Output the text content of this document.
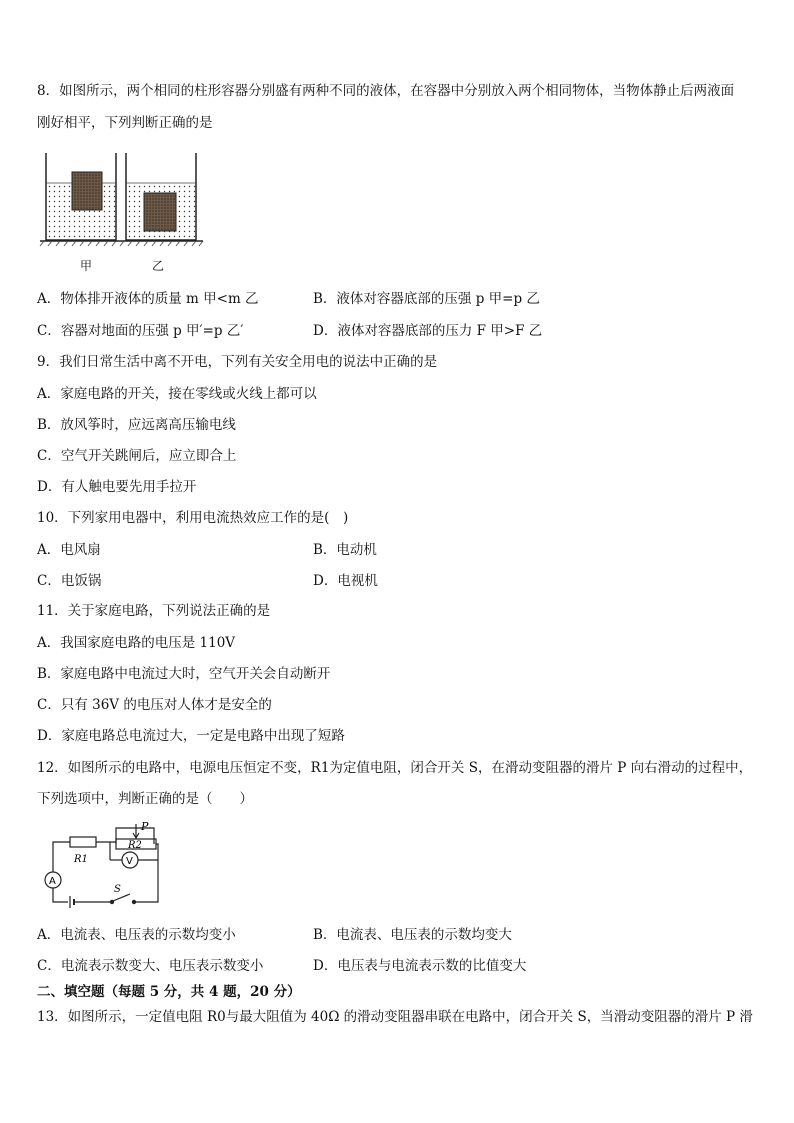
8．如图所示，两个相同的柱形容器分别盛有两种不同的液体，在容器中分别放入两个相同物体，当物体静止后两液面
刚好相平，下列判断正确的是
甲	乙
A．物体排开液体的质量 m 甲<m 乙	B．液体对容器底部的压强 p 甲=p 乙
C．容器对地面的压强 p 甲′=p 乙′	D．液体对容器底部的压力 F 甲>F 乙
9．我们日常生活中离不开电，下列有关安全用电的说法中正确的是
A．家庭电路的开关，接在零线或火线上都可以
B．放风筝时，应远离高压输电线
C．空气开关跳闸后，应立即合上
D．有人触电要先用手拉开
10．下列家用电器中，利用电流热效应工作的是(　)
A．电风扇	B．电动机
C．电饭锅	D．电视机
11．关于家庭电路，下列说法正确的是
A．我国家庭电路的电压是 110V
B．家庭电路中电流过大时，空气开关会自动断开
C．只有 36V 的电压对人体才是安全的
D．家庭电路总电流过大，一定是电路中出现了短路
12．如图所示的电路中，电源电压恒定不变，R1为定值电阻，闭合开关 S，在滑动变阻器的滑片 P 向右滑动的过程中，
下列选项中，判断正确的是（　　）
R1
R2
P
S
A
V
A．电流表、电压表的示数均变小	B．电流表、电压表的示数均变大
C．电流表示数变大、电压表示数变小	D．电压表与电流表示数的比值变大
二、填空题（每题 5 分，共 4 题，20 分）
13．如图所示，一定值电阻 R0与最大阻值为 40Ω 的滑动变阻器串联在电路中，闭合开关 S，当滑动变阻器的滑片 P 滑
